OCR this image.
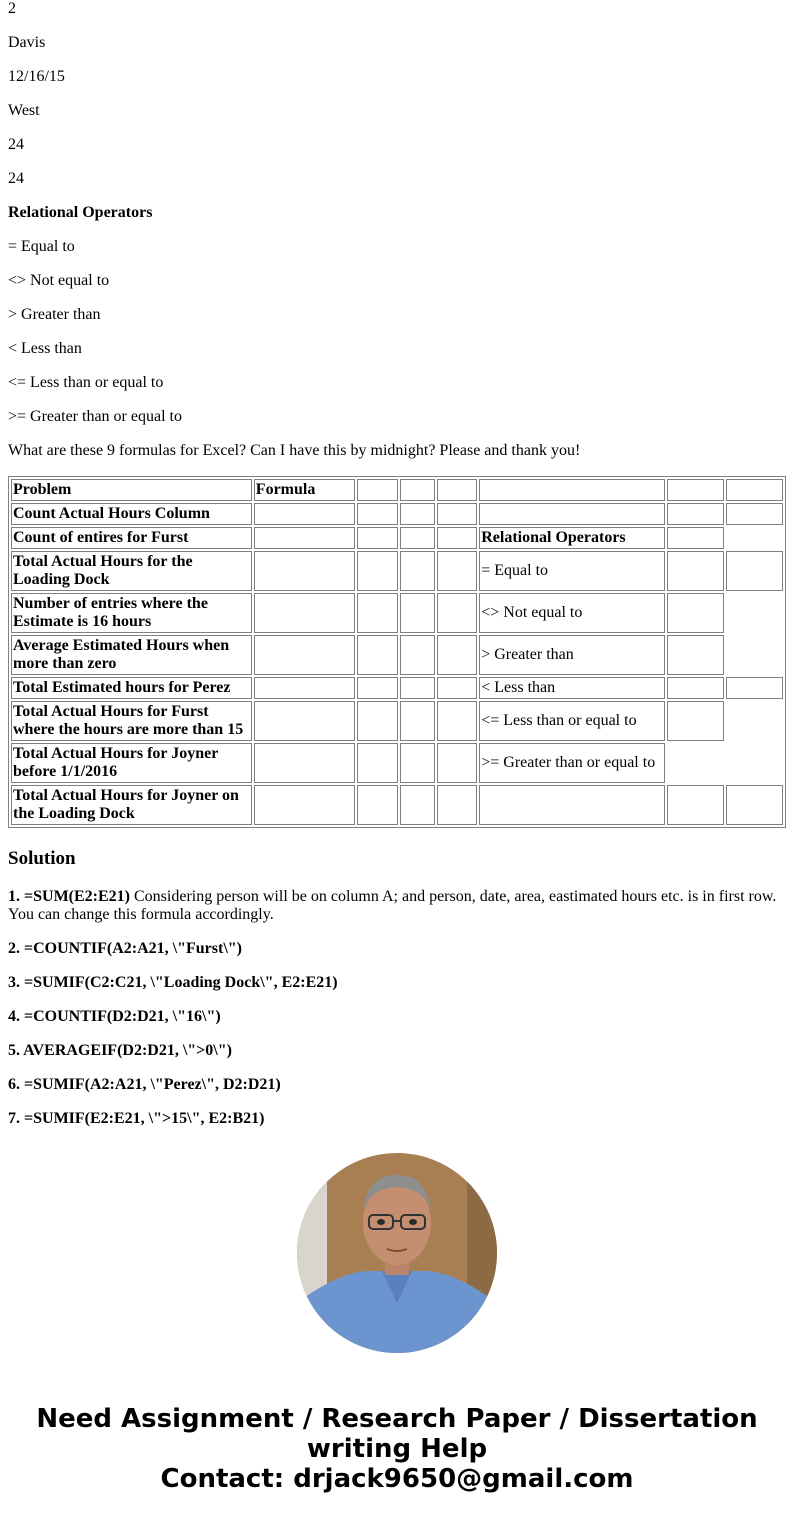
2

Davis

12/16/15

West

24

24

Relational Operators

= Equal to

<> Not equal to

> Greater than

< Less than

<= Less than or equal to

>= Greater than or equal to

What are these 9 formulas for Excel? Can I have this by midnight? Please and thank you!

Problem	Formula						
Count Actual Hours Column							
Count of entires for Furst					Relational Operators		
Total Actual Hours for the Loading Dock					= Equal to		
Number of entries where the Estimate is 16 hours					<> Not equal to		
Average Estimated Hours when more than zero					> Greater than		
Total Estimated hours for Perez					< Less than		
Total Actual Hours for Furst where the hours are more than 15					<= Less than or equal to		
Total Actual Hours for Joyner before 1/1/2016					>= Greater than or equal to		
Total Actual Hours for Joyner on the Loading Dock							
Solution
1. =SUM(E2:E21) Considering person will be on column A; and person, date, area, eastimated hours etc. is in first row. You can change this formula accordingly.
2. =COUNTIF(A2:A21, \"Furst\")
3. =SUMIF(C2:C21, \"Loading Dock\", E2:E21)
4. =COUNTIF(D2:D21, \"16\")
5. AVERAGEIF(D2:D21, \">0\")
6. =SUMIF(A2:A21, \"Perez\", D2:D21)
7. =SUMIF(E2:E21, \">15\", E2:B21)
Need Assignment / Research Paper / Dissertation writing Help
Contact: drjack9650@gmail.com
